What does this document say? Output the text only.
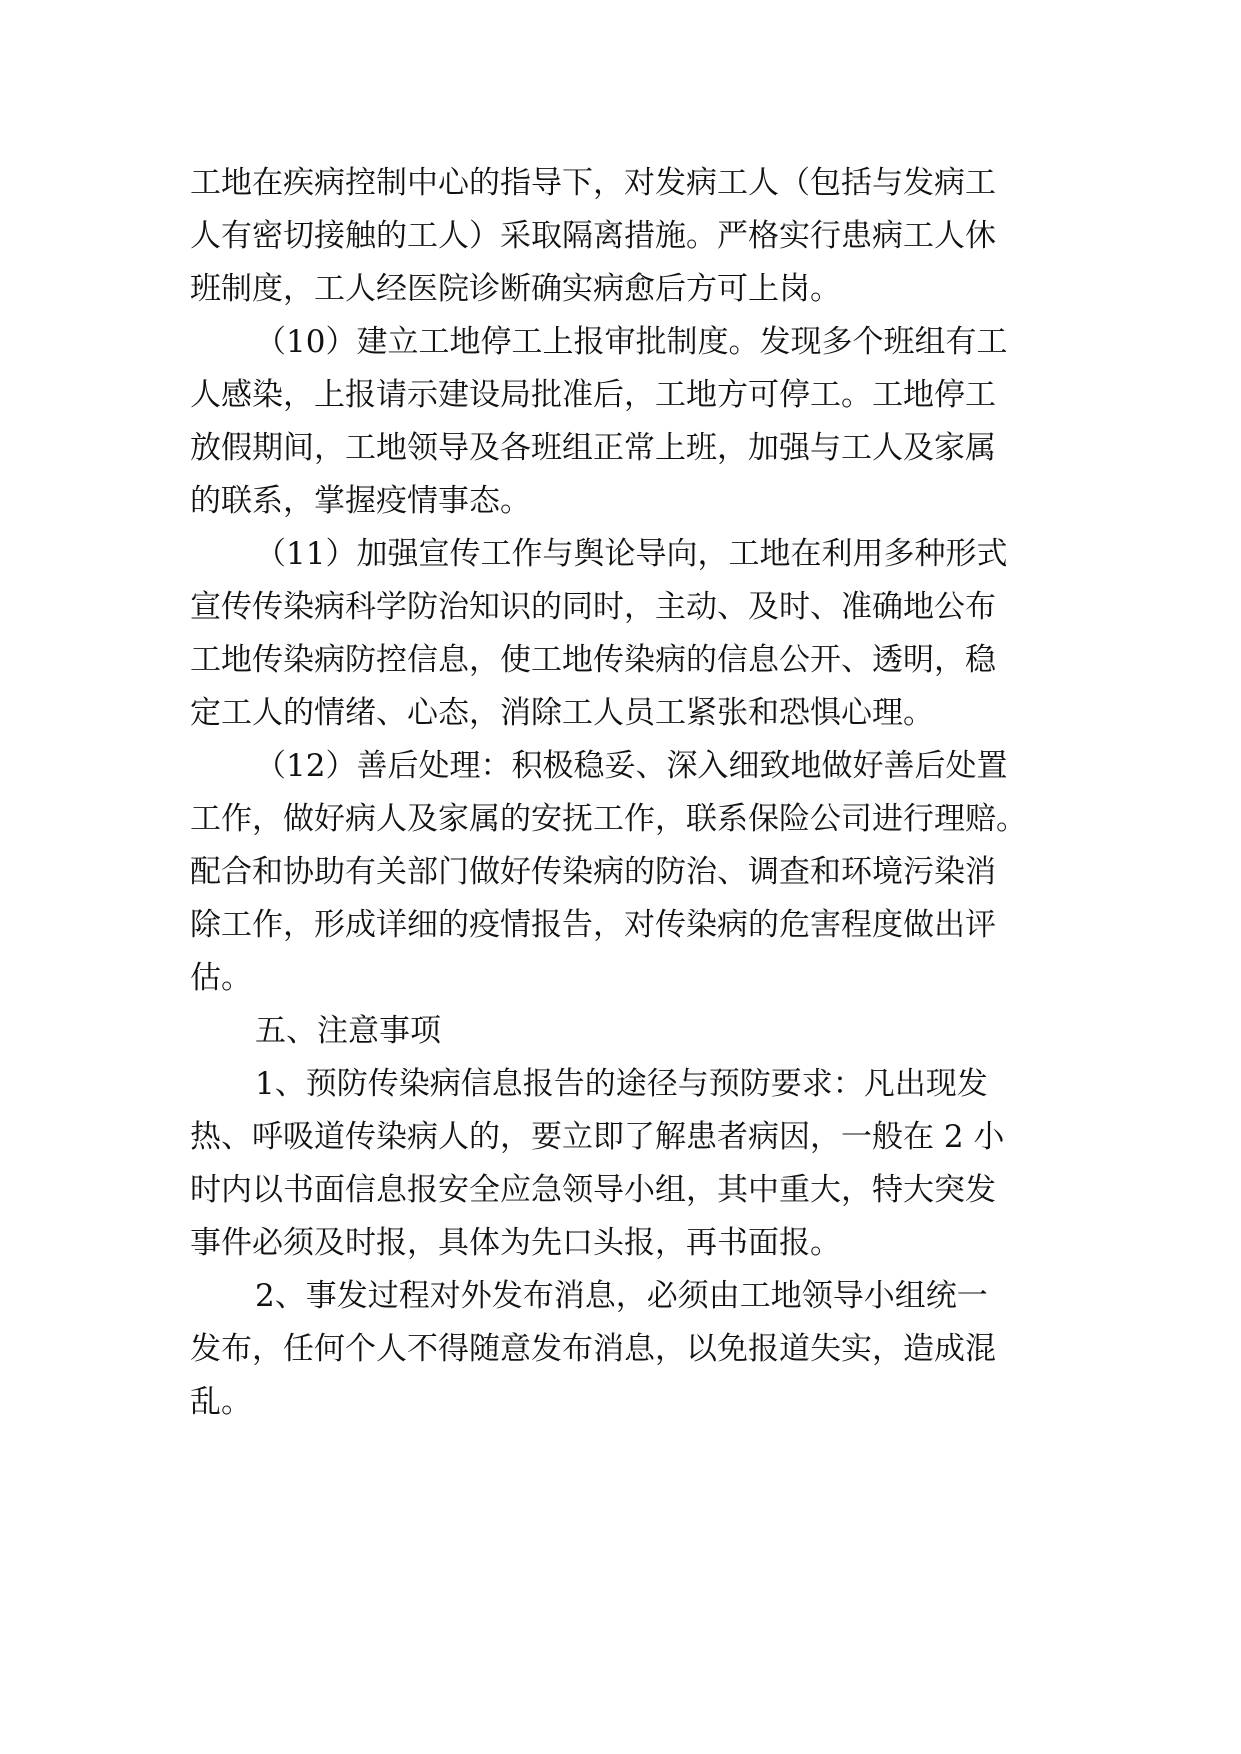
工地在疾病控制中心的指导下，对发病工人（包括与发病工
人有密切接触的工人）采取隔离措施。严格实行患病工人休
班制度，工人经医院诊断确实病愈后方可上岗。
（10）建立工地停工上报审批制度。发现多个班组有工
人感染，上报请示建设局批准后，工地方可停工。工地停工
放假期间，工地领导及各班组正常上班，加强与工人及家属
的联系，掌握疫情事态。
（11）加强宣传工作与舆论导向，工地在利用多种形式
宣传传染病科学防治知识的同时，主动、及时、准确地公布
工地传染病防控信息，使工地传染病的信息公开、透明，稳
定工人的情绪、心态，消除工人员工紧张和恐惧心理。
（12）善后处理：积极稳妥、深入细致地做好善后处置
工作，做好病人及家属的安抚工作，联系保险公司进行理赔。
配合和协助有关部门做好传染病的防治、调查和环境污染消
除工作，形成详细的疫情报告，对传染病的危害程度做出评
估。
五、注意事项
1、预防传染病信息报告的途径与预防要求：凡出现发
热、呼吸道传染病人的，要立即了解患者病因，一般在 2 小
时内以书面信息报安全应急领导小组，其中重大，特大突发
事件必须及时报，具体为先口头报，再书面报。
2、事发过程对外发布消息，必须由工地领导小组统一
发布，任何个人不得随意发布消息，以免报道失实，造成混
乱。
